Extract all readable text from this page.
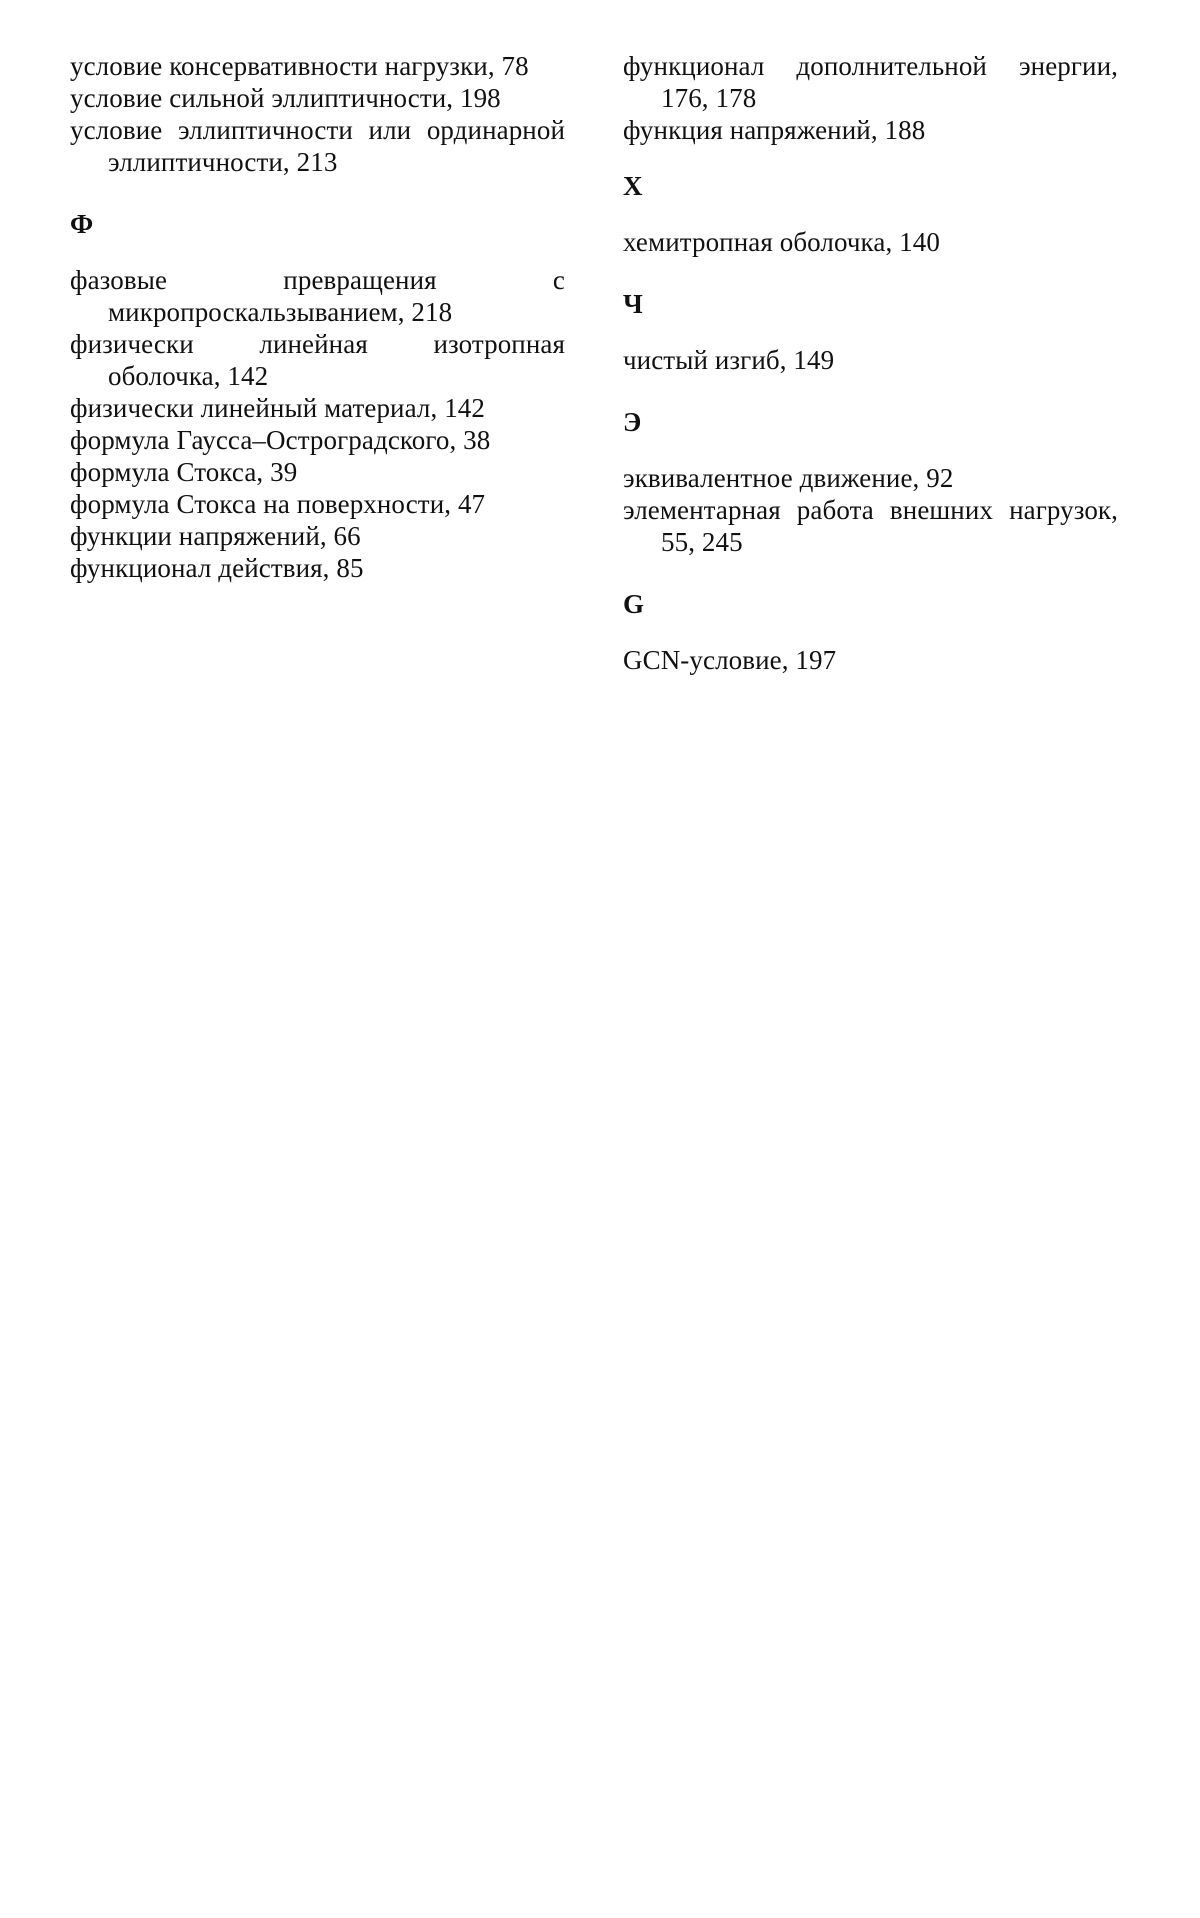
условие консервативности нагрузки, 78
условие сильной эллиптичности, 198
условие эллиптичности или ординарной эллиптичности, 213
Ф
фазовые превращения с микропроскальзыванием, 218
физически линейная изотропная оболочка, 142
физически линейный материал, 142
формула Гаусса–Остроградского, 38
формула Стокса, 39
формула Стокса на поверхности, 47
функции напряжений, 66
функционал действия, 85
функционал дополнительной энергии, 176, 178
функция напряжений, 188
Х
хемитропная оболочка, 140
Ч
чистый изгиб, 149
Э
эквивалентное движение, 92
элементарная работа внешних нагрузок, 55, 245
G
GCN-условие, 197
